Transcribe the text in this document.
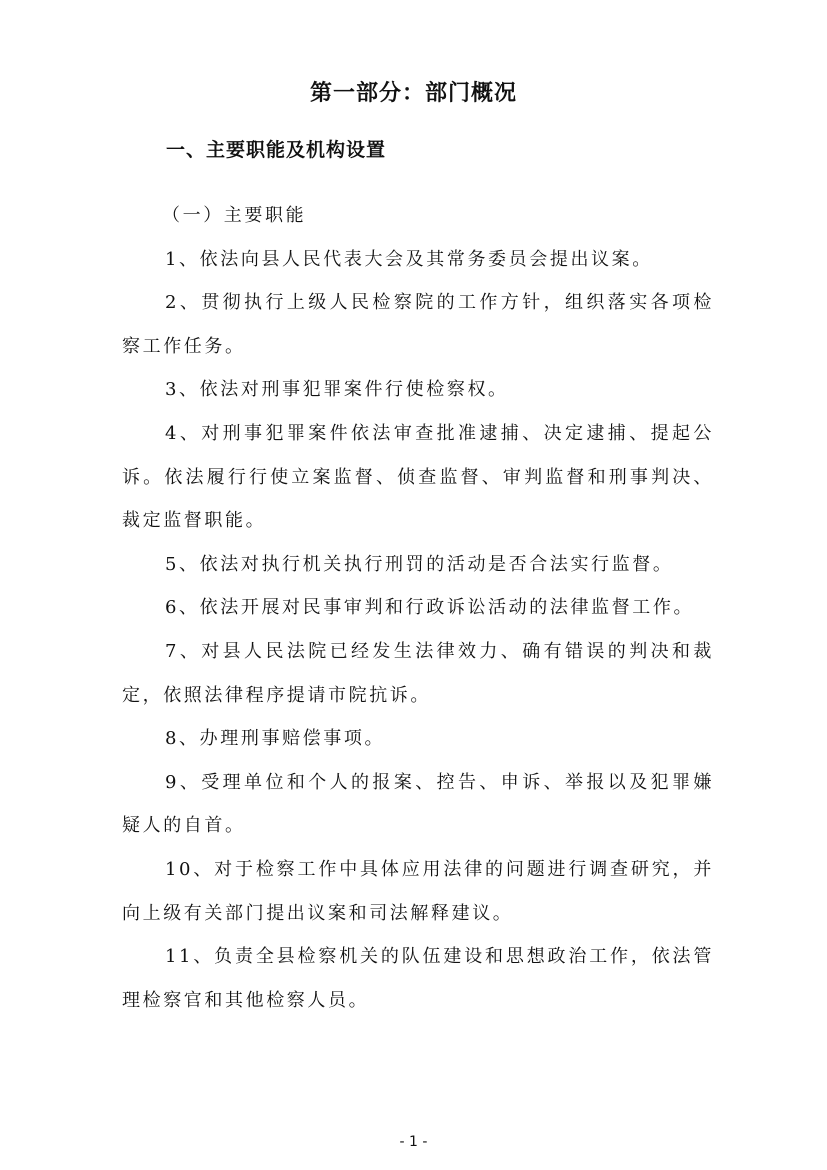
第一部分：部门概况
一、主要职能及机构设置

（一）主要职能

1、依法向县人民代表大会及其常务委员会提出议案。

2、贯彻执行上级人民检察院的工作方针，组织落实各项检察工作任务。

3、依法对刑事犯罪案件行使检察权。

4、对刑事犯罪案件依法审查批准逮捕、决定逮捕、提起公诉。依法履行行使立案监督、侦查监督、审判监督和刑事判决、裁定监督职能。

5、依法对执行机关执行刑罚的活动是否合法实行监督。

6、依法开展对民事审判和行政诉讼活动的法律监督工作。

7、对县人民法院已经发生法律效力、确有错误的判决和裁定，依照法律程序提请市院抗诉。

8、办理刑事赔偿事项。

9、受理单位和个人的报案、控告、申诉、举报以及犯罪嫌疑人的自首。

10、对于检察工作中具体应用法律的问题进行调查研究，并向上级有关部门提出议案和司法解释建议。

11、负责全县检察机关的队伍建设和思想政治工作，依法管理检察官和其他检察人员。

- 1 -
